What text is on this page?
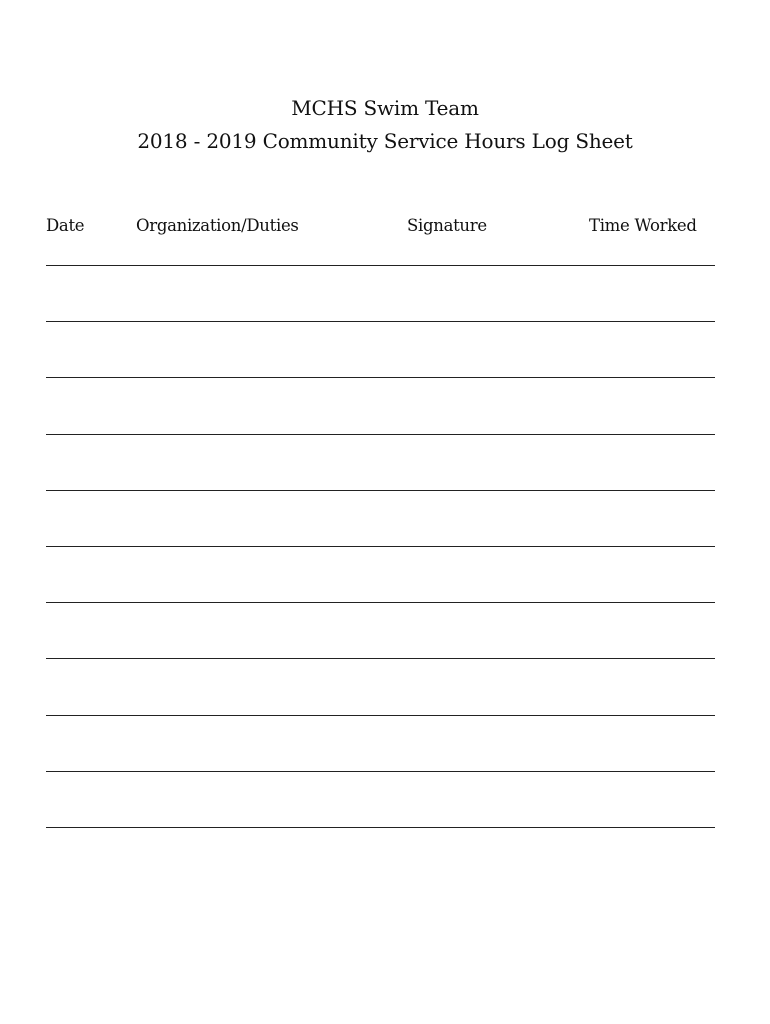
MCHS Swim Team
2018 - 2019 Community Service Hours Log Sheet
Date	Organization/Duties	Signature	Time Worked
